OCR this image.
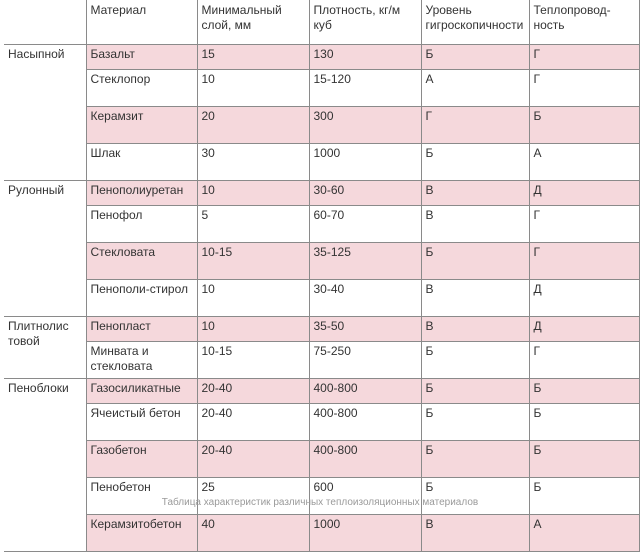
	Материал	Минимальный слой, мм	Плотность, кг/м куб	Уровень гигроскопичности	Теплопровод-ность
Насыпной	Базальт	15	130	Б	Г
	Стеклопор	10	15-120	А	Г
	Керамзит	20	300	Г	Б
	Шлак	30	1000	Б	А
Рулонный	Пенополиуретан	10	30-60	В	Д
	Пенофол	5	60-70	В	Г
	Стекловата	10-15	35-125	Б	Г
	Пенополи-стирол	10	30-40	В	Д
Плитнолис товой	Пенопласт	10	35-50	В	Д
	Минвата и стекловата	10-15	75-250	Б	Г
Пеноблоки	Газосиликатные	20-40	400-800	Б	Б
	Ячеистый бетон	20-40	400-800	Б	Б
	Газобетон	20-40	400-800	Б	Б
	Пенобетон	25	600	Б	Б
	Керамзитобетон	40	1000	В	А
Таблица характеристик различных теплоизоляционных материалов
